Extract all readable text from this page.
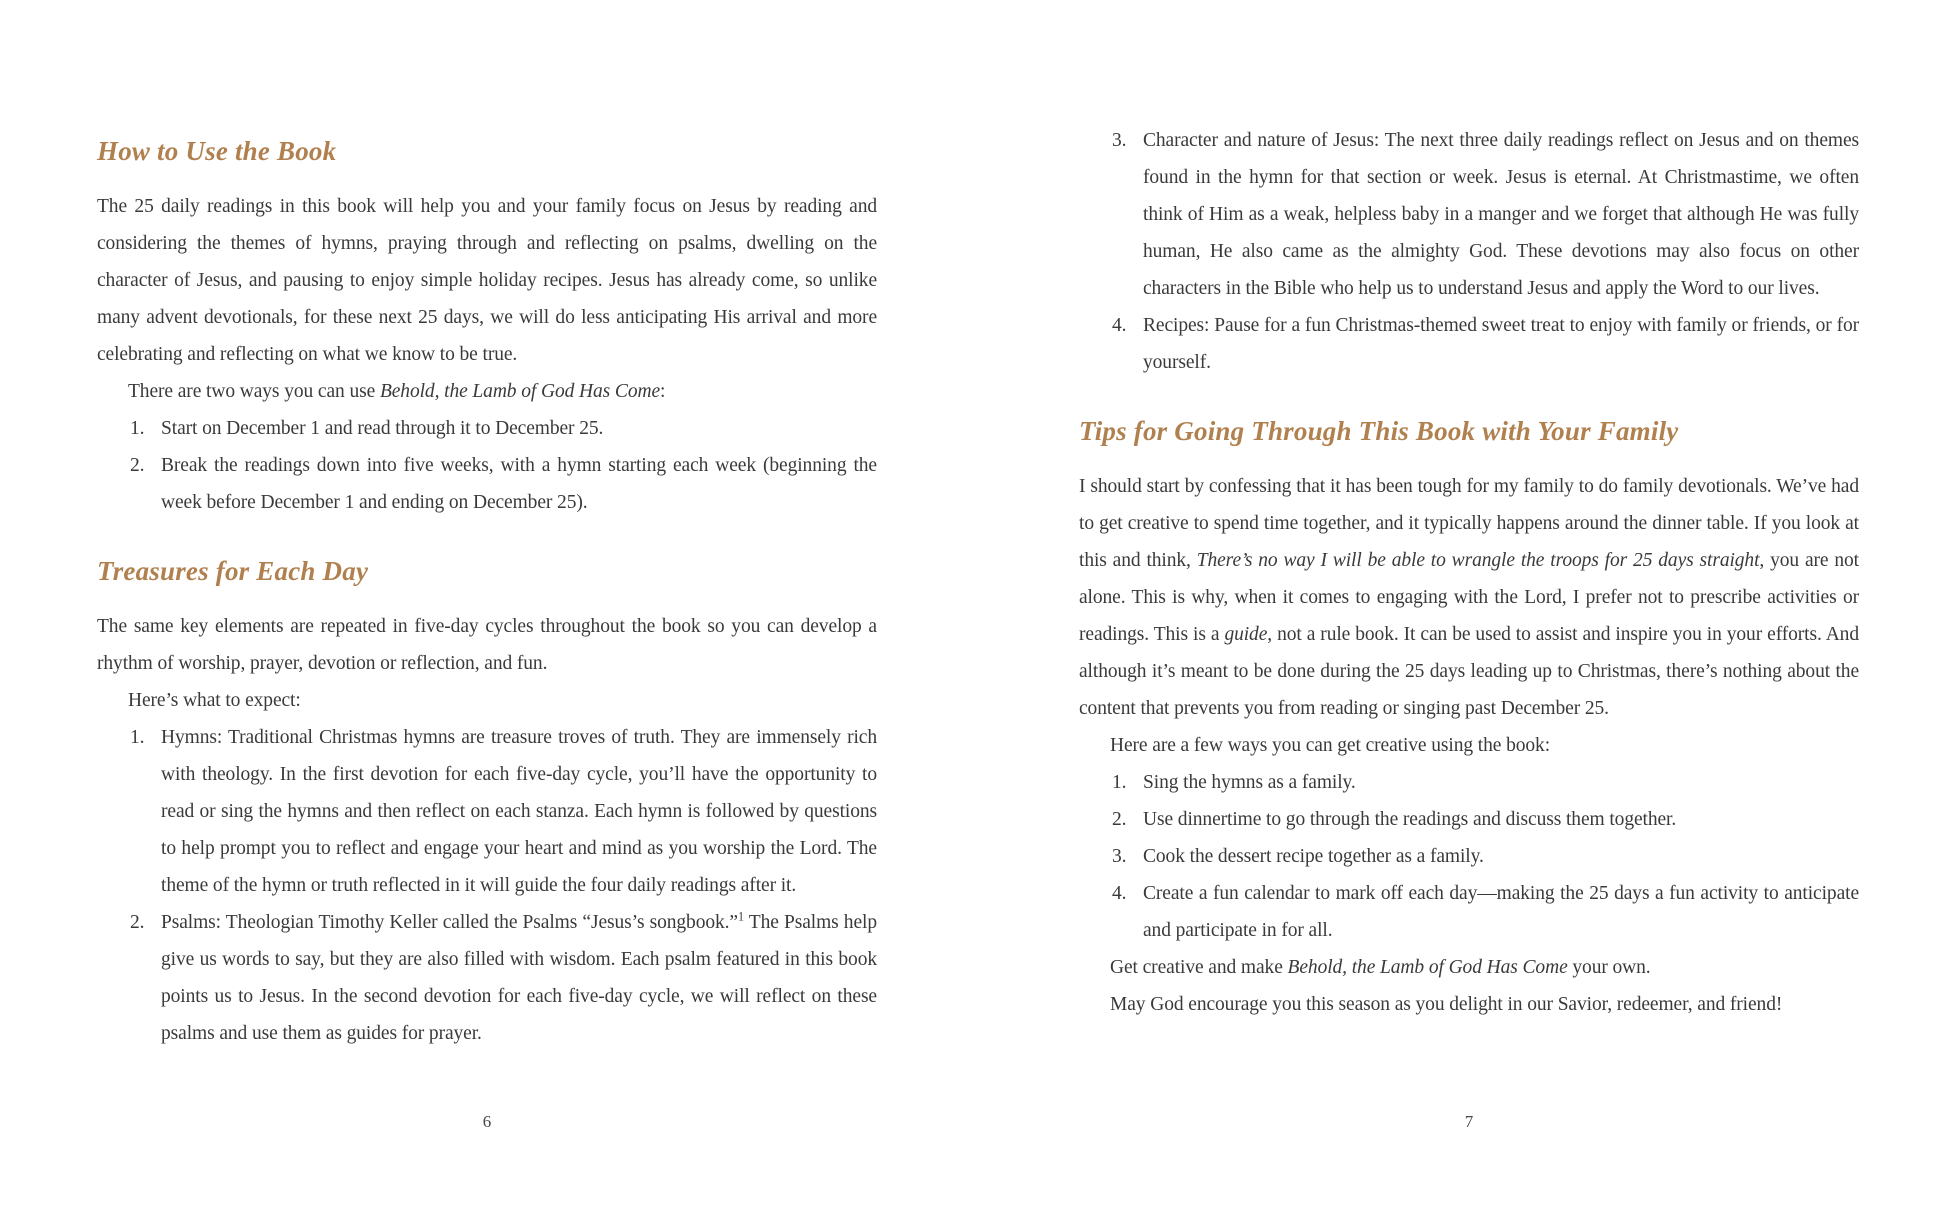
How to Use the Book

The 25 daily readings in this book will help you and your family focus on Jesus by reading and considering the themes of hymns, praying through and reflecting on psalms, dwelling on the character of Jesus, and pausing to enjoy simple holiday recipes. Jesus has already come, so unlike many advent devotionals, for these next 25 days, we will do less anticipating His arrival and more celebrating and reflecting on what we know to be true.

There are two ways you can use Behold, the Lamb of God Has Come:

1. Start on December 1 and read through it to December 25.
2. Break the readings down into five weeks, with a hymn starting each week (beginning the week before December 1 and ending on December 25).
Treasures for Each Day

The same key elements are repeated in five-day cycles throughout the book so you can develop a rhythm of worship, prayer, devotion or reflection, and fun.

Here’s what to expect:

1. Hymns: Traditional Christmas hymns are treasure troves of truth. They are immensely rich with theology. In the first devotion for each five-day cycle, you’ll have the opportunity to read or sing the hymns and then reflect on each stanza. Each hymn is followed by questions to help prompt you to reflect and engage your heart and mind as you worship the Lord. The theme of the hymn or truth reflected in it will guide the four daily readings after it.
2. Psalms: Theologian Timothy Keller called the Psalms “Jesus’s songbook.”$^1$ The Psalms help give us words to say, but they are also filled with wisdom. Each psalm featured in this book points us to Jesus. In the second devotion for each five-day cycle, we will reflect on these psalms and use them as guides for prayer.
3. Character and nature of Jesus: The next three daily readings reflect on Jesus and on themes found in the hymn for that section or week. Jesus is eternal. At Christmastime, we often think of Him as a weak, helpless baby in a manger and we forget that although He was fully human, He also came as the almighty God. These devotions may also focus on other characters in the Bible who help us to understand Jesus and apply the Word to our lives.
4. Recipes: Pause for a fun Christmas-themed sweet treat to enjoy with family or friends, or for yourself.
Tips for Going Through This Book with Your Family

I should start by confessing that it has been tough for my family to do family devotionals. We’ve had to get creative to spend time together, and it typically happens around the dinner table. If you look at this and think, There’s no way I will be able to wrangle the troops for 25 days straight, you are not alone. This is why, when it comes to engaging with the Lord, I prefer not to prescribe activities or readings. This is a guide, not a rule book. It can be used to assist and inspire you in your efforts. And although it’s meant to be done during the 25 days leading up to Christmas, there’s nothing about the content that prevents you from reading or singing past December 25.

Here are a few ways you can get creative using the book:

1. Sing the hymns as a family.
2. Use dinnertime to go through the readings and discuss them together.
3. Cook the dessert recipe together as a family.
4. Create a fun calendar to mark off each day—making the 25 days a fun activity to anticipate and participate in for all.

Get creative and make Behold, the Lamb of God Has Come your own.

May God encourage you this season as you delight in our Savior, redeemer, and friend!

6	7
